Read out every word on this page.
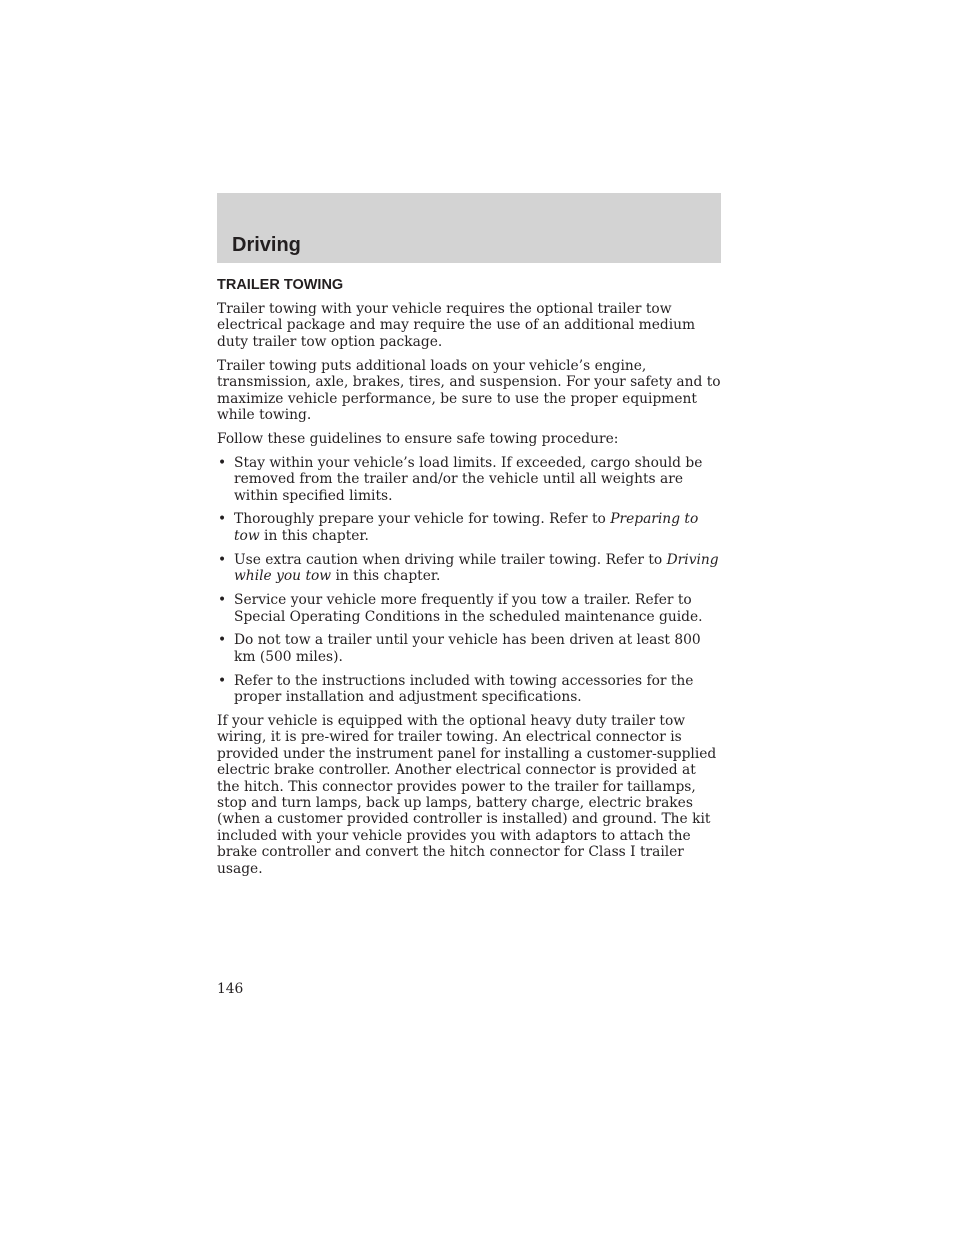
Driving
TRAILER TOWING

Trailer towing with your vehicle requires the optional trailer tow electrical package and may require the use of an additional medium duty trailer tow option package.

Trailer towing puts additional loads on your vehicle’s engine, transmission, axle, brakes, tires, and suspension. For your safety and to maximize vehicle performance, be sure to use the proper equipment while towing.

Follow these guidelines to ensure safe towing procedure:

• Stay within your vehicle’s load limits. If exceeded, cargo should be removed from the trailer and/or the vehicle until all weights are within specified limits.
• Thoroughly prepare your vehicle for towing. Refer to Preparing to tow in this chapter.
• Use extra caution when driving while trailer towing. Refer to Driving while you tow in this chapter.
• Service your vehicle more frequently if you tow a trailer. Refer to Special Operating Conditions in the scheduled maintenance guide.
• Do not tow a trailer until your vehicle has been driven at least 800 km (500 miles).
• Refer to the instructions included with towing accessories for the proper installation and adjustment specifications.

If your vehicle is equipped with the optional heavy duty trailer tow wiring, it is pre-wired for trailer towing. An electrical connector is provided under the instrument panel for installing a customer-supplied electric brake controller. Another electrical connector is provided at the hitch. This connector provides power to the trailer for taillamps, stop and turn lamps, back up lamps, battery charge, electric brakes (when a customer provided controller is installed) and ground. The kit included with your vehicle provides you with adaptors to attach the brake controller and convert the hitch connector for Class I trailer usage.

146
